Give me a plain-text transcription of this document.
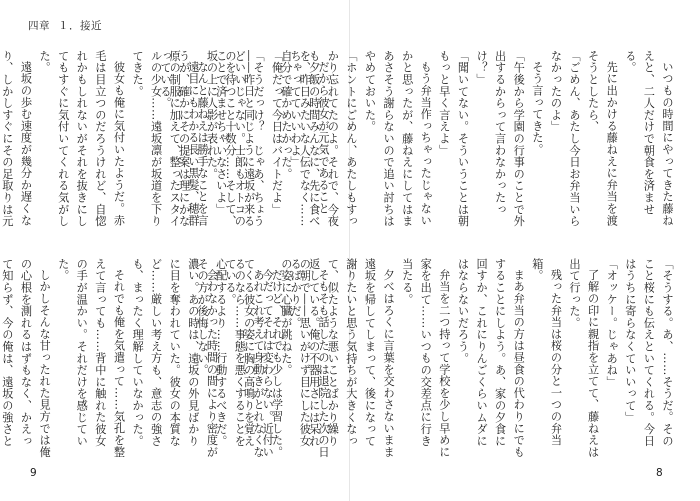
四章 １．接近

いつもの時間にやってきた藤ねえと、二人だけで朝食を済ませる。

先に出かける藤ねえに弁当を渡そうとしたら、

「ごめん、あたし今日お弁当いらなかったのよ」

そう言ってきた。

「午後から学園の行事のことで外出するからって言わなかったっけ？」

「聞いてない。そういうことは朝もっと早く言えよ」

もう弁当作っちゃったじゃないかと思ったが、藤ねえにしてはまあさそう謝らないので追い討ちはやめておいた。

「ホントにごめん、あたしもすっかり忘れてたのよ。それで、今夜も夕飯の時間みんなに、先に食べちゃってていいわよ」

「俺だって今日はバイトだよ」

「そうだっけ？　じゃあ、ちょうどいいじゃない。士郎もオトコのことで済ませちゃいなさいよ」

なんと藤ねえは勝手なことを言うが、確かにその提案は理にかなっている。

「そうする。あ、……そうだ。そのこと桜にも伝えといてくれる。今日はうちに寄らなくていいって」

「オッケー。じゃあね」

了解の印に親指を立てて、藤ねえは出て行った。

残った弁当は桜の分と一つの弁当箱。

まあ弁当の方は昼食の代わりにでもすることにしよう。あ、家の夕食に回すか、これにりんごくらいムダにはならないだろう。

弁当を二つ持って学校を少し早めに家を出て……いつもの交差点に行き当たる。

夕べはろくに言葉を交わさないまま遠坂を帰してしまって、後になって謝りたいと思う気持ちが大きくなって、似たような悪いことばかり繰り返している。俺の不器用さには呆れるばかりだ。

だけど、それでも少しは学習した。

あれこれ考えて身動きがとれなくなるのなら……事態を悪くすることを心配するより……行動するべきだ。その方が後悔しない。

だから彼女が元気であることを、昨日みたいな人伝でなく……自分で確かめたかった。

――昨日と同じように遠坂が来るのを待つこと十数分……そして、坂の上に人影が表れた。

遠目にもわかる長い黒髪、穂群原の制服に加えて、整ったスタイルの少女……遠坂凛が坂道を下りてきた。

彼女も俺に気付いたようだ。赤毛は目立つのだろうけれど、自惚れかもしれないがそれを抜きにしてもすぐに気付いてくれる気がした。

遠坂の歩む速度が幾分か遅くなり、しかしすぐにその足取りは元

そもそも話したのは退院した次の日の朝で――思いがけず目にした彼女の姿に心臓が跳ねた。

今だってそれは変わらない。近付いてくる彼女の姿に胸の高鳴りを覚えている。

会わなかった時間の間により密度が濃い。あの時は、遠坂の外見ばかりに目を奪われていた。彼女の本質など……厳しい考え方も、意志の強さも、まったく理解していなかった。

それでも俺を気遣って……気孔を整えて言っても……背中に触れた彼女の手が温かい。それだけを感じていた。

しかしそんな甘ったれた見方では俺の心根を測れるはずもなく、かえって知らず、今の俺は、遠坂の強さと

9	8
